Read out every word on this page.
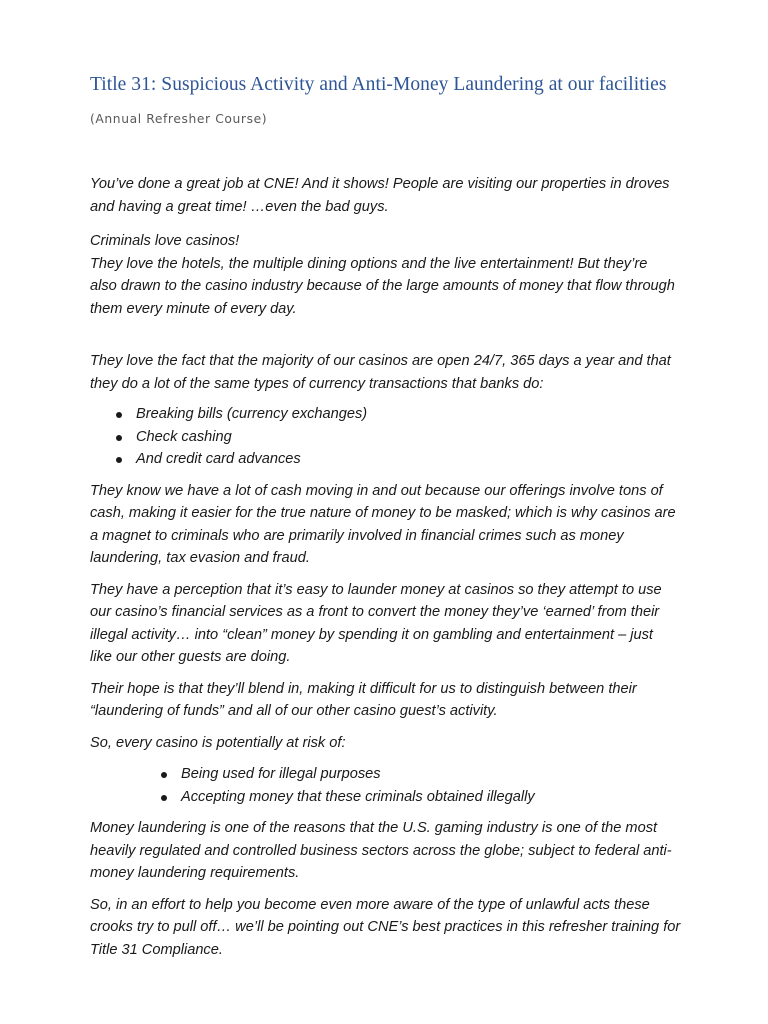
Title 31: Suspicious Activity and Anti-Money Laundering at our facilities
(Annual Refresher Course)

You’ve done a great job at CNE! And it shows! People are visiting our properties in droves
and having a great time! …even the bad guys.

Criminals love casinos!
They love the hotels, the multiple dining options and the live entertainment! But they’re
also drawn to the casino industry because of the large amounts of money that flow through
them every minute of every day.

They love the fact that the majority of our casinos are open 24/7, 365 days a year and that
they do a lot of the same types of currency transactions that banks do:

Breaking bills (currency exchanges)
Check cashing
And credit card advances

They know we have a lot of cash moving in and out because our offerings involve tons of
cash, making it easier for the true nature of money to be masked; which is why casinos are
a magnet to criminals who are primarily involved in financial crimes such as money
laundering, tax evasion and fraud.

They have a perception that it’s easy to launder money at casinos so they attempt to use
our casino’s financial services as a front to convert the money they’ve ‘earned’ from their
illegal activity… into “clean” money by spending it on gambling and entertainment – just
like our other guests are doing.

Their hope is that they’ll blend in, making it difficult for us to distinguish between their
“laundering of funds” and all of our other casino guest’s activity.

So, every casino is potentially at risk of:

Being used for illegal purposes
Accepting money that these criminals obtained illegally

Money laundering is one of the reasons that the U.S. gaming industry is one of the most
heavily regulated and controlled business sectors across the globe; subject to federal anti-
money laundering requirements.

So, in an effort to help you become even more aware of the type of unlawful acts these
crooks try to pull off… we’ll be pointing out CNE’s best practices in this refresher training for
Title 31 Compliance.
